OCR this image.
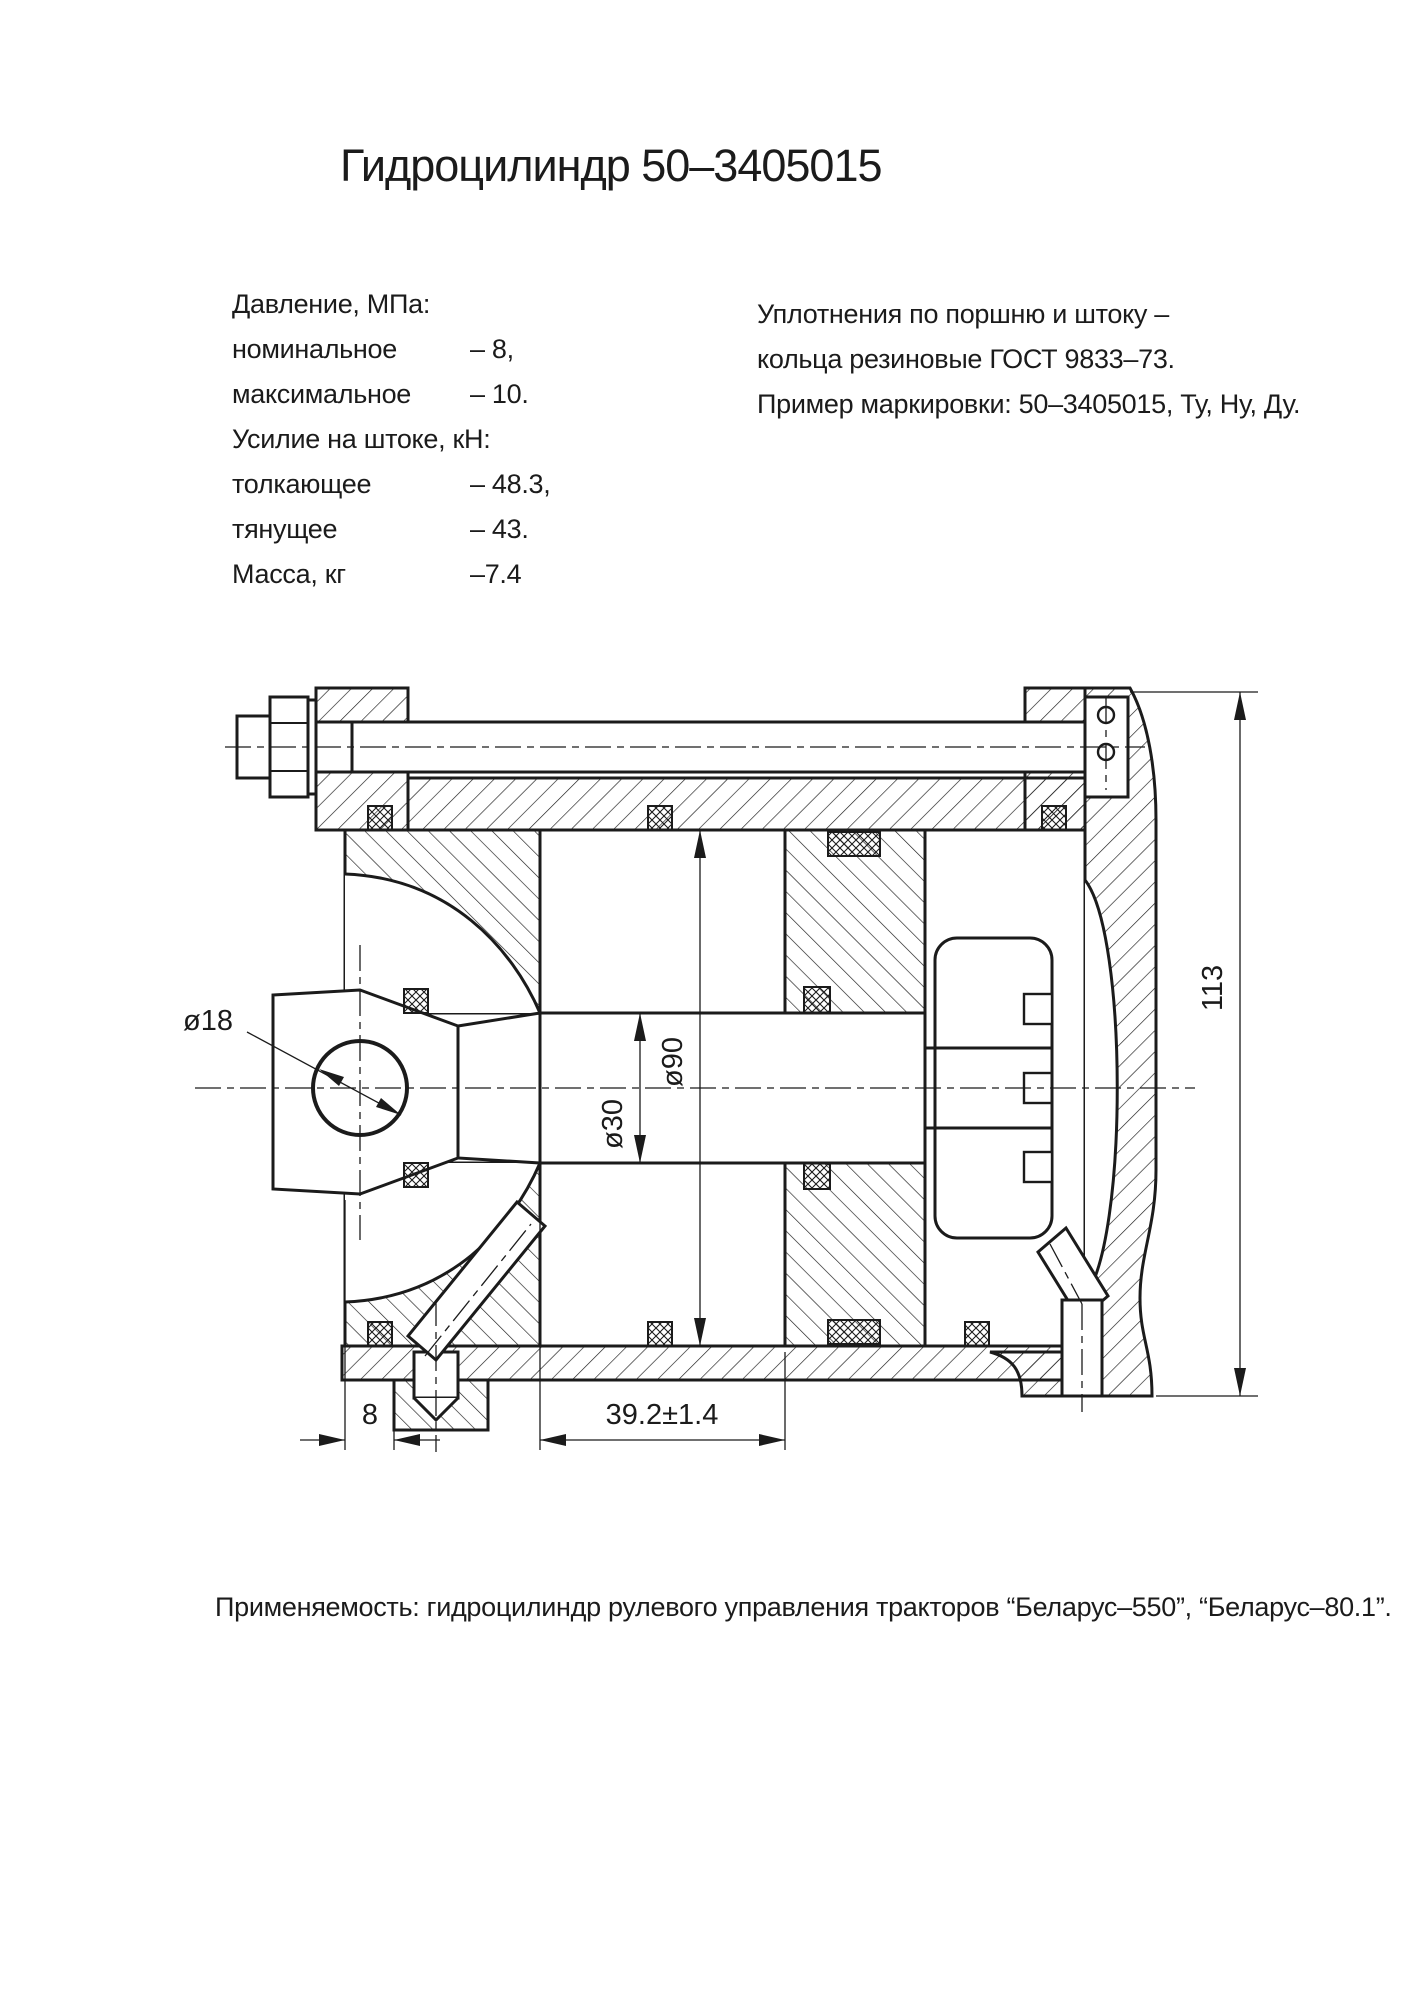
Гидроцилиндр 50–3405015
Давление, МПа:
номинальное	– 8,
максимальное	– 10.
Усилие на штоке, кН:
толкающее	– 48.3,
тянущее	– 43.
Масса, кг	–7.4
Уплотнения по поршню и штоку –
кольца резиновые ГОСТ 9833–73.
Пример маркировки: 50–3405015, Ту, Ну, Ду.
ø90
ø30
ø18
113
8	39.2±1.4
Применяемость: гидроцилиндр рулевого управления тракторов “Беларус–550”, “Беларус–80.1”.
